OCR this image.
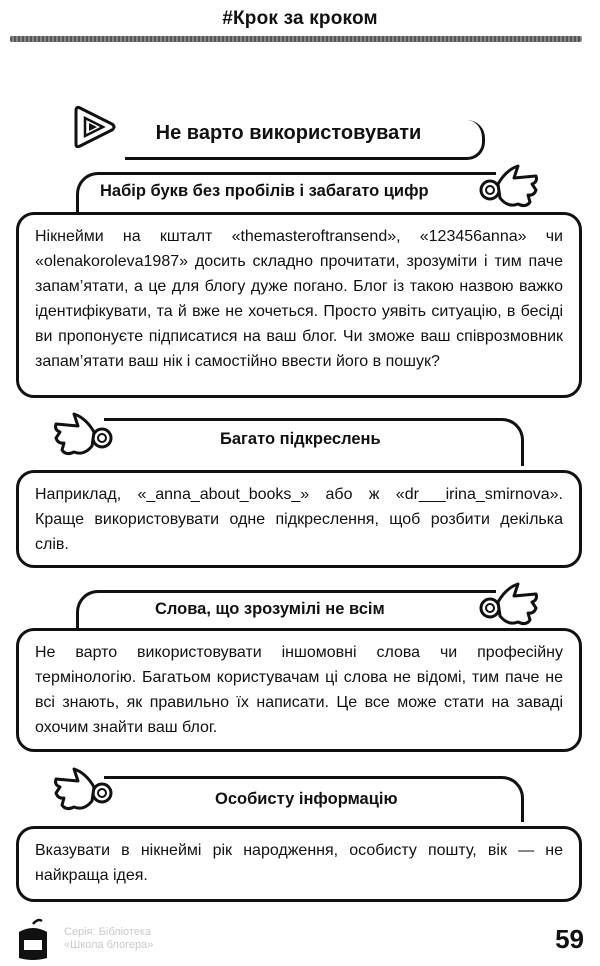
#Крок за кроком
Не варто використовувати
Набір букв без пробілів і забагато цифр
Нікнейми на кшталт «themasteroftransend», «123456anna» чи «olenakoroleva1987» досить складно прочитати, зрозуміти і тим паче запам’ятати, а це для блогу дуже погано. Блог із такою назвою важко ідентифікувати, та й вже не хочеться. Просто уявіть ситуацію, в бесіді ви пропонуєте підписатися на ваш блог. Чи зможе ваш співрозмовник запам’ятати ваш нік і самостійно ввести його в пошук?
Багато підкреслень
Наприклад, «_anna_about_books_» або ж «dr___irina_smirnova». Краще використовувати одне підкреслення, щоб розбити декілька слів.
Слова, що зрозумілі не всім
Не варто використовувати іншомовні слова чи професійну термінологію. Багатьом користувачам ці слова не відомі, тим паче не всі знають, як правильно їх написати. Це все може стати на заваді охочим знайти ваш блог.
Особисту інформацію
Вказувати в нікнеймі рік народження, особисту пошту, вік — не найкраща ідея.
Серія: Бібліотека
«Школа блогера»	59
